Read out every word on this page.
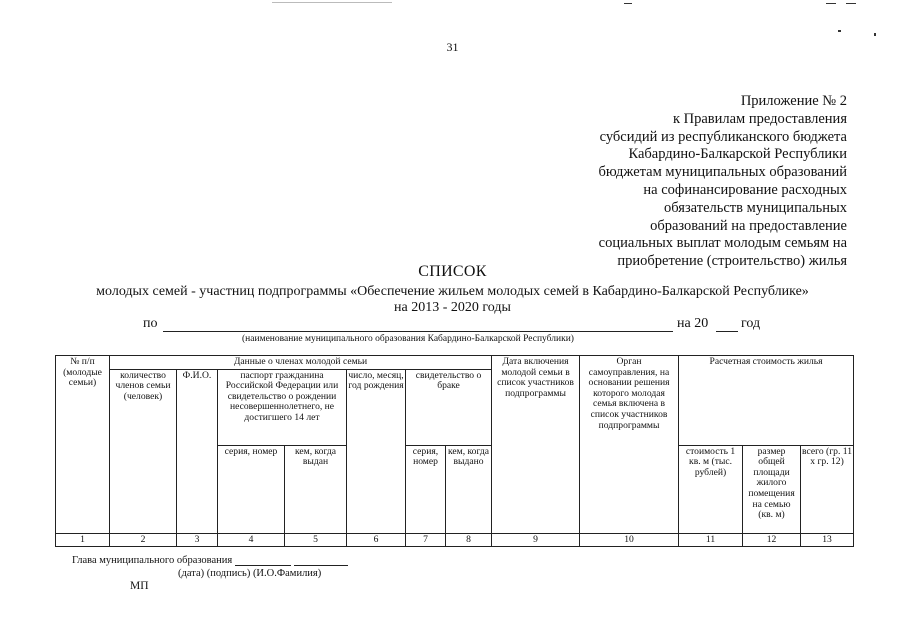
31
Приложение № 2
к Правилам предоставления
субсидий из республиканского бюджета
Кабардино-Балкарской Республики
бюджетам муниципальных образований
на софинансирование расходных
обязательств муниципальных
образований на предоставление
социальных выплат молодым семьям на
приобретение (строительство) жилья
СПИСОК
молодых семей - участниц подпрограммы «Обеспечение жильем молодых семей в Кабардино-Балкарской Республике»
на 2013 - 2020 годы
по	на 20 год
(наименование муниципального образования Кабардино-Балкарской Республики)
№ п/п (молодые семьи)	Данные о членах молодой семьи							Дата включения молодой семьи в список участников подпрограммы	Орган самоуправления, на основании решения которого молодая семья включена в список участников подпрограммы	Расчетная стоимость жилья		
	количество членов семьи (человек)	Ф.И.О.	паспорт гражданина Российской Федерации или свидетельство о рождении несовершеннолетнего, не достигшего 14 лет		число, месяц, год рождения	свидетельство о браке						
			серия, номер	кем, когда выдан		серия, номер	кем, когда выдано			стоимость 1 кв. м (тыс. рублей)	размер общей площади жилого помещения на семью (кв. м)	всего (гр. 11 x гр. 12)
1	2	3	4	5	6	7	8	9	10	11	12	13
Глава муниципального образования
(дата) (подпись) (И.О.Фамилия)
МП
